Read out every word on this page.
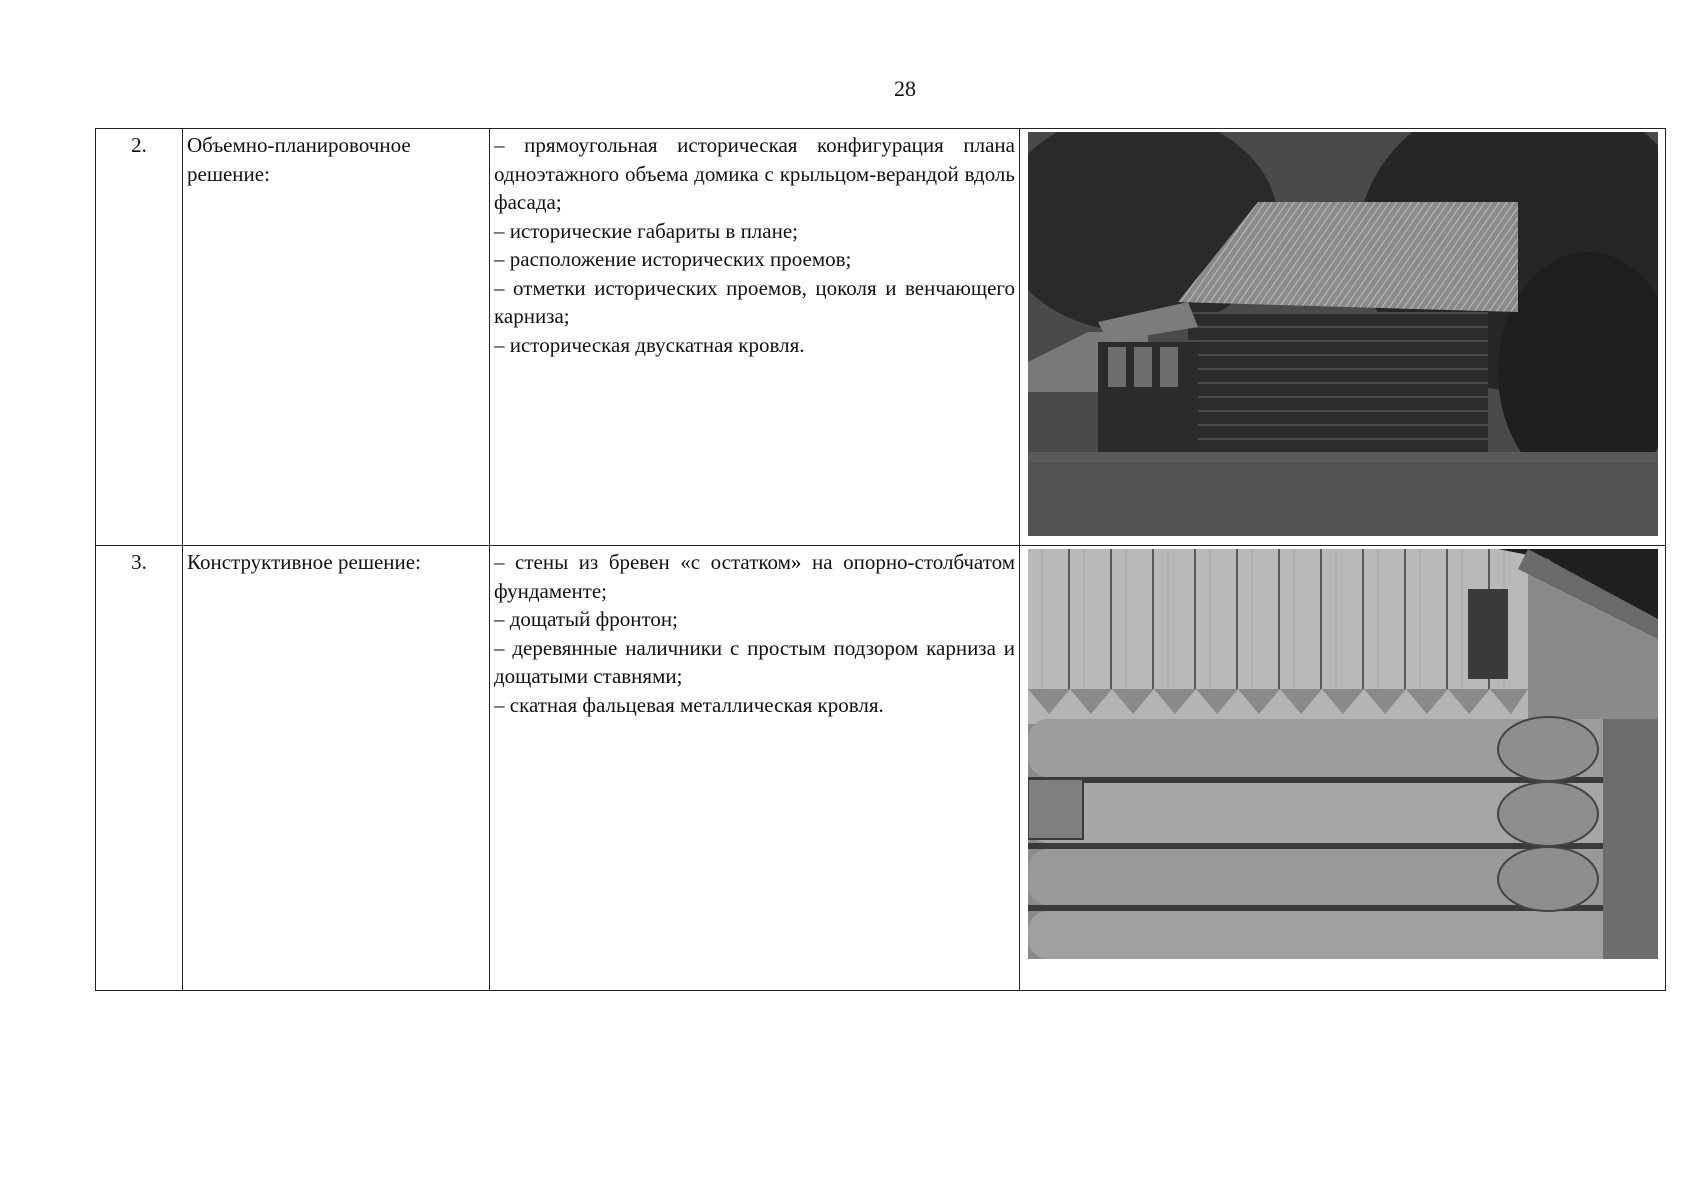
28
2.	Объемно-планировочное решение:	– прямоугольная историческая конфигурация плана одноэтажного объема домика с крыльцом-верандой вдоль фасада;

– исторические габариты в плане;

– расположение исторических проемов;

– отметки исторических проемов, цоколя и венчающего карниза;

– историческая двускатная кровля.

3.	Конструктивное решение:	– стены из бревен «с остатком» на опорно-столбчатом фундаменте;

– дощатый фронтон;

– деревянные наличники с простым подзором карниза и дощатыми ставнями;

– скатная фальцевая металлическая кровля.
